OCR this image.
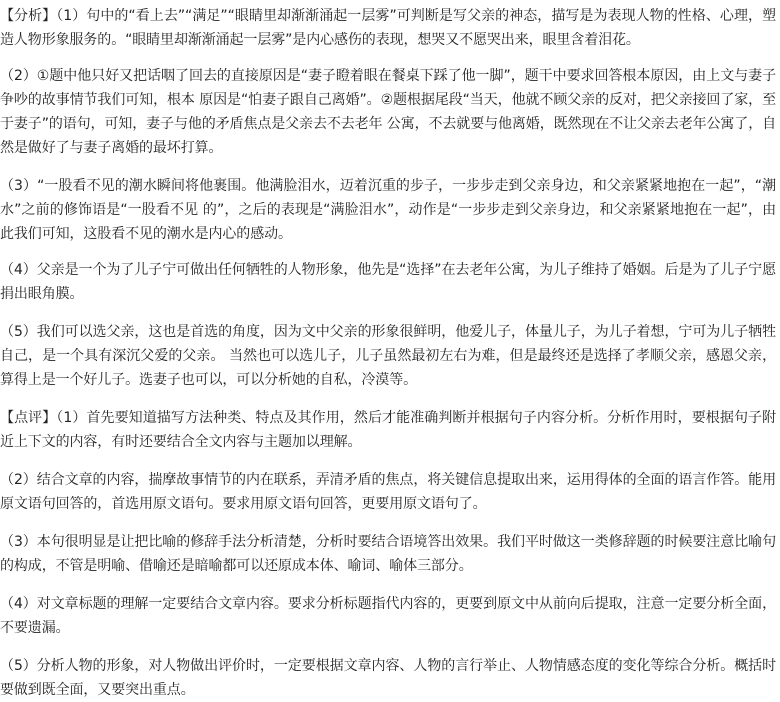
【分析】（1）句中的“看上去”“满足”“眼睛里却渐渐涌起一层雾”可判断是写父亲的神态，描写是为表现人物的性格、心理，塑造人物形象服务的。“眼睛里却渐渐涌起一层雾”是内心感伤的表现，想哭又不愿哭出来，眼里含着泪花。

（2）①题中他只好又把话咽了回去的直接原因是“妻子瞪着眼在餐桌下踩了他一脚”，题干中要求回答根本原因，由上文与妻子争吵的故事情节我们可知，根本 原因是“怕妻子跟自己离婚”。②题根据尾段“当天，他就不顾父亲的反对，把父亲接回了家，至于妻子”的语句，可知，妻子与他的矛盾焦点是父亲去不去老年 公寓，不去就要与他离婚，既然现在不让父亲去老年公寓了，自然是做好了与妻子离婚的最坏打算。

（3）“一股看不见的潮水瞬间将他裹围。他满脸泪水，迈着沉重的步子，一步步走到父亲身边，和父亲紧紧地抱在一起”，“潮水”之前的修饰语是“一股看不见 的”，之后的表现是“满脸泪水”，动作是“一步步走到父亲身边，和父亲紧紧地抱在一起”，由此我们可知，这股看不见的潮水是内心的感动。

（4）父亲是一个为了儿子宁可做出任何牺牲的人物形象，他先是“选择”在去老年公寓，为儿子维持了婚姻。后是为了儿子宁愿捐出眼角膜。

（5）我们可以选父亲，这也是首选的角度，因为文中父亲的形象很鲜明，他爱儿子，体量儿子，为儿子着想，宁可为儿子牺牲自己，是一个具有深沉父爱的父亲。 当然也可以选儿子，儿子虽然最初左右为难，但是最终还是选择了孝顺父亲，感恩父亲，算得上是一个好儿子。选妻子也可以，可以分析她的自私，冷漠等。

【点评】（1）首先要知道描写方法种类、特点及其作用，然后才能准确判断并根据句子内容分析。分析作用时，要根据句子附近上下文的内容，有时还要结合全文内容与主题加以理解。

（2）结合文章的内容，揣摩故事情节的内在联系，弄清矛盾的焦点，将关键信息提取出来，运用得体的全面的语言作答。能用原文语句回答的，首选用原文语句。要求用原文语句回答，更要用原文语句了。

（3）本句很明显是让把比喻的修辞手法分析清楚，分析时要结合语境答出效果。我们平时做这一类修辞题的时候要注意比喻句的构成，不管是明喻、借喻还是暗喻都可以还原成本体、喻词、喻体三部分。

（4）对文章标题的理解一定要结合文章内容。要求分析标题指代内容的，更要到原文中从前向后提取，注意一定要分析全面，不要遗漏。

（5）分析人物的形象，对人物做出评价时，一定要根据文章内容、人物的言行举止、人物情感态度的变化等综合分析。概括时要做到既全面，又要突出重点。
